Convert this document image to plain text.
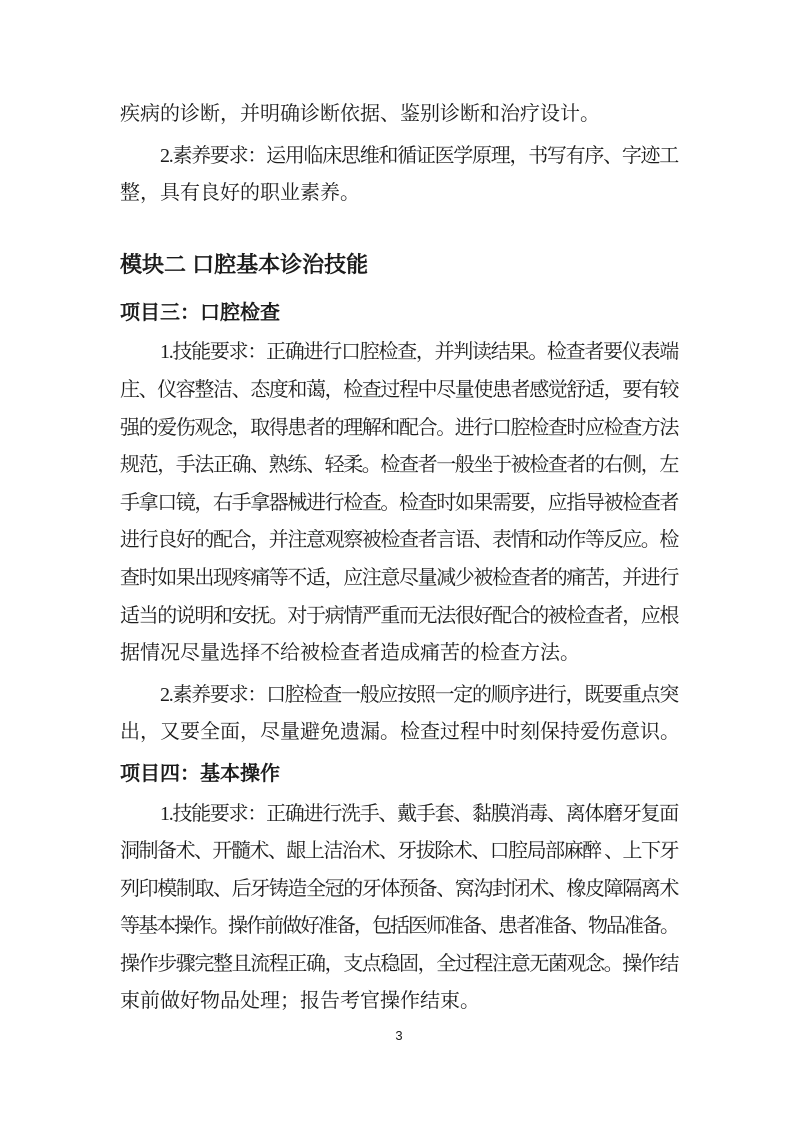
疾病的诊断，并明确诊断依据、鉴别诊断和治疗设计。
2.素养要求：运用临床思维和循证医学原理，书写有序、字迹工
整，具有良好的职业素养。
模块二 口腔基本诊治技能
项目三：口腔检查
1.技能要求：正确进行口腔检查，并判读结果。检查者要仪表端
庄、仪容整洁、态度和蔼，检查过程中尽量使患者感觉舒适，要有较
强的爱伤观念，取得患者的理解和配合。进行口腔检查时应检查方法
规范，手法正确、熟练、轻柔。检查者一般坐于被检查者的右侧，左
手拿口镜，右手拿器械进行检查。检查时如果需要，应指导被检查者
进行良好的配合，并注意观察被检查者言语、表情和动作等反应。检
查时如果出现疼痛等不适，应注意尽量减少被检查者的痛苦，并进行
适当的说明和安抚。对于病情严重而无法很好配合的被检查者，应根
据情况尽量选择不给被检查者造成痛苦的检查方法。
2.素养要求：口腔检查一般应按照一定的顺序进行，既要重点突
出，又要全面，尽量避免遗漏。检查过程中时刻保持爱伤意识。
项目四：基本操作
1.技能要求：正确进行洗手、戴手套、黏膜消毒、离体磨牙复面
洞制备术、开髓术、龈上洁治术、牙拔除术、口腔局部麻醉 、上下牙
列印模制取、后牙铸造全冠的牙体预备、窝沟封闭术、橡皮障隔离术
等基本操作。操作前做好准备，包括医师准备、患者准备、物品准备。
操作步骤完整且流程正确，支点稳固，全过程注意无菌观念。操作结
束前做好物品处理；报告考官操作结束。
3
